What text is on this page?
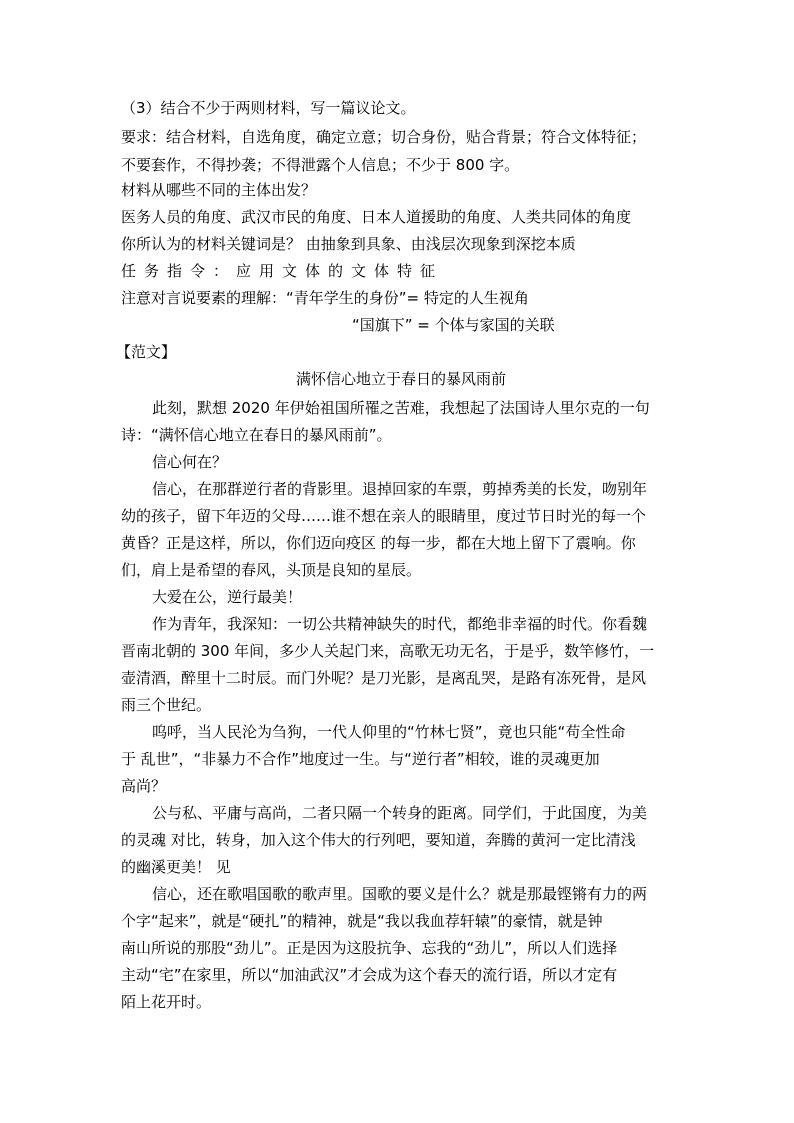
（3）结合不少于两则材料，写一篇议论文。
要求：结合材料，自选角度，确定立意；切合身份，贴合背景；符合文体特征；
不要套作，不得抄袭；不得泄露个人信息；不少于 800 字。
材料从哪些不同的主体出发？
医务人员的角度、武汉市民的角度、日本人道援助的角度、人类共同体的角度
你所认为的材料关键词是？ 由抽象到具象、由浅层次现象到深挖本质
任务指令：应用文体的文体特征
注意对言说要素的理解：“青年学生的身份”= 特定的人生视角
“国旗下” = 个体与家国的关联
【范文】
满怀信心地立于春日的暴风雨前
此刻，默想 2020 年伊始祖国所罹之苦难，我想起了法国诗人里尔克的一句
诗：“满怀信心地立在春日的暴风雨前”。
信心何在？
信心，在那群逆行者的背影里。退掉回家的车票，剪掉秀美的长发，吻别年
幼的孩子，留下年迈的父母……谁不想在亲人的眼睛里，度过节日时光的每一个
黄昏？正是这样，所以，你们迈向疫区 的每一步，都在大地上留下了震响。你
们，肩上是希望的春风，头顶是良知的星辰。
大爱在公，逆行最美！
作为青年，我深知：一切公共精神缺失的时代，都绝非幸福的时代。你看魏
晋南北朝的 300 年间，多少人关起门来，高歌无功无名，于是乎，数竿修竹，一
壶清酒，醉里十二时辰。而门外呢？是刀光影，是离乱哭，是路有冻死骨，是风
雨三个世纪。
呜呼，当人民沦为刍狗，一代人仰里的“竹林七贤”，竟也只能“苟全性命
于 乱世”，“非暴力不合作”地度过一生。与“逆行者”相较，谁的灵魂更加
高尚？
公与私、平庸与高尚，二者只隔一个转身的距离。同学们，于此国度，为美
的灵魂 对比，转身，加入这个伟大的行列吧，要知道，奔腾的黄河一定比清浅
的幽溪更美！ 见
信心，还在歌唱国歌的歌声里。国歌的要义是什么？就是那最铿锵有力的两
个字“起来”，就是“硬扎”的精神，就是“我以我血荐轩辕”的豪情，就是钟
南山所说的那股“劲儿”。正是因为这股抗争、忘我的“劲儿”，所以人们选择
主动“宅”在家里，所以“加油武汉”才会成为这个春天的流行语，所以才定有
陌上花开时。
